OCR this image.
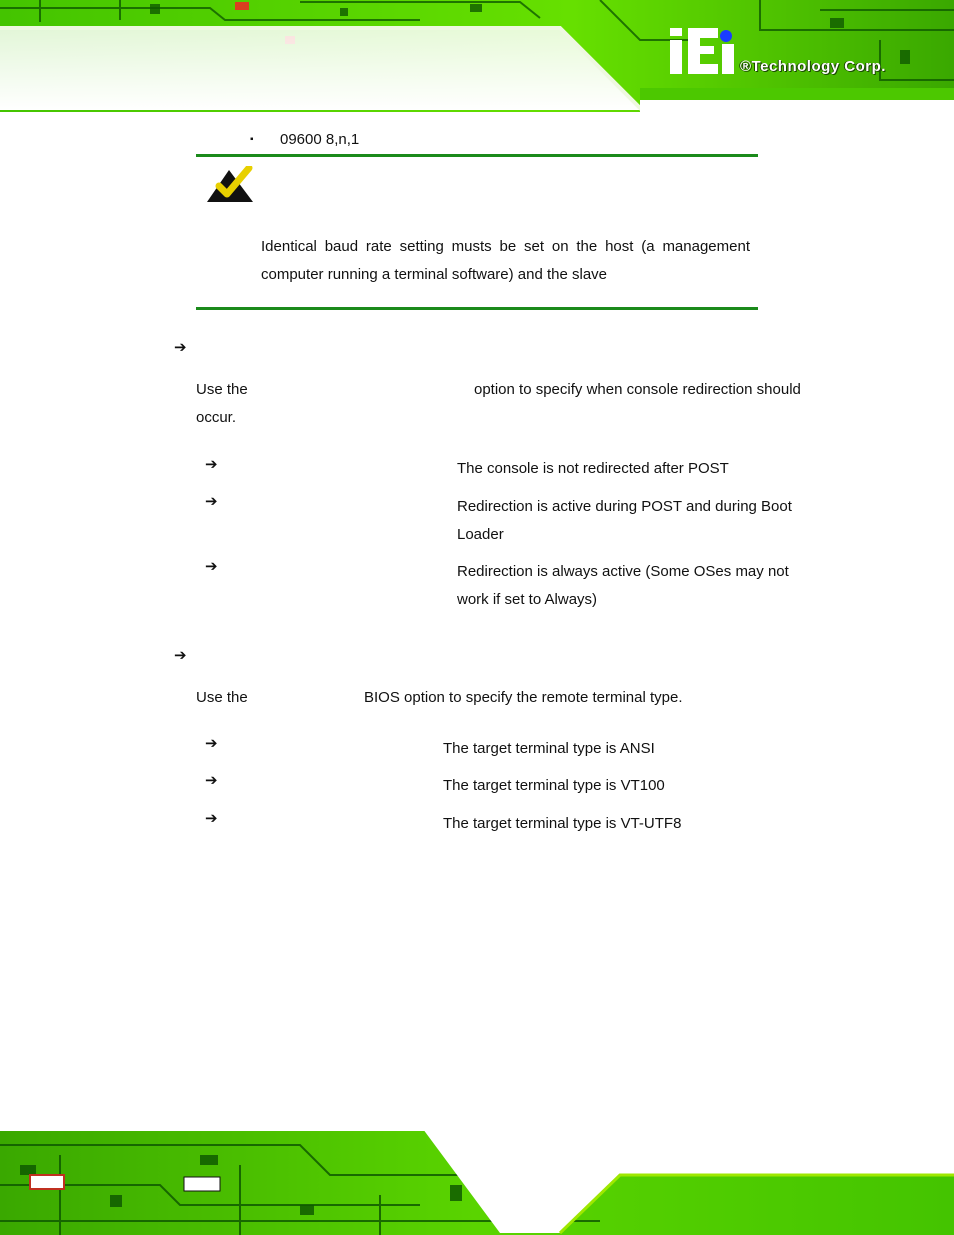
®Technology Corp.
▪ 09600 8,n,1
Identical baud rate setting musts be set on the host (a management
computer running a terminal software) and the slave
➔
Use the	option to specify when console redirection should
occur.
➔	The console is not redirected after POST
➔	Redirection is active during POST and during Boot
Loader
➔	Redirection is always active (Some OSes may not
work if set to Always)
➔
Use the	BIOS option to specify the remote terminal type.
➔	The target terminal type is ANSI
➔	The target terminal type is VT100
➔	The target terminal type is VT-UTF8
